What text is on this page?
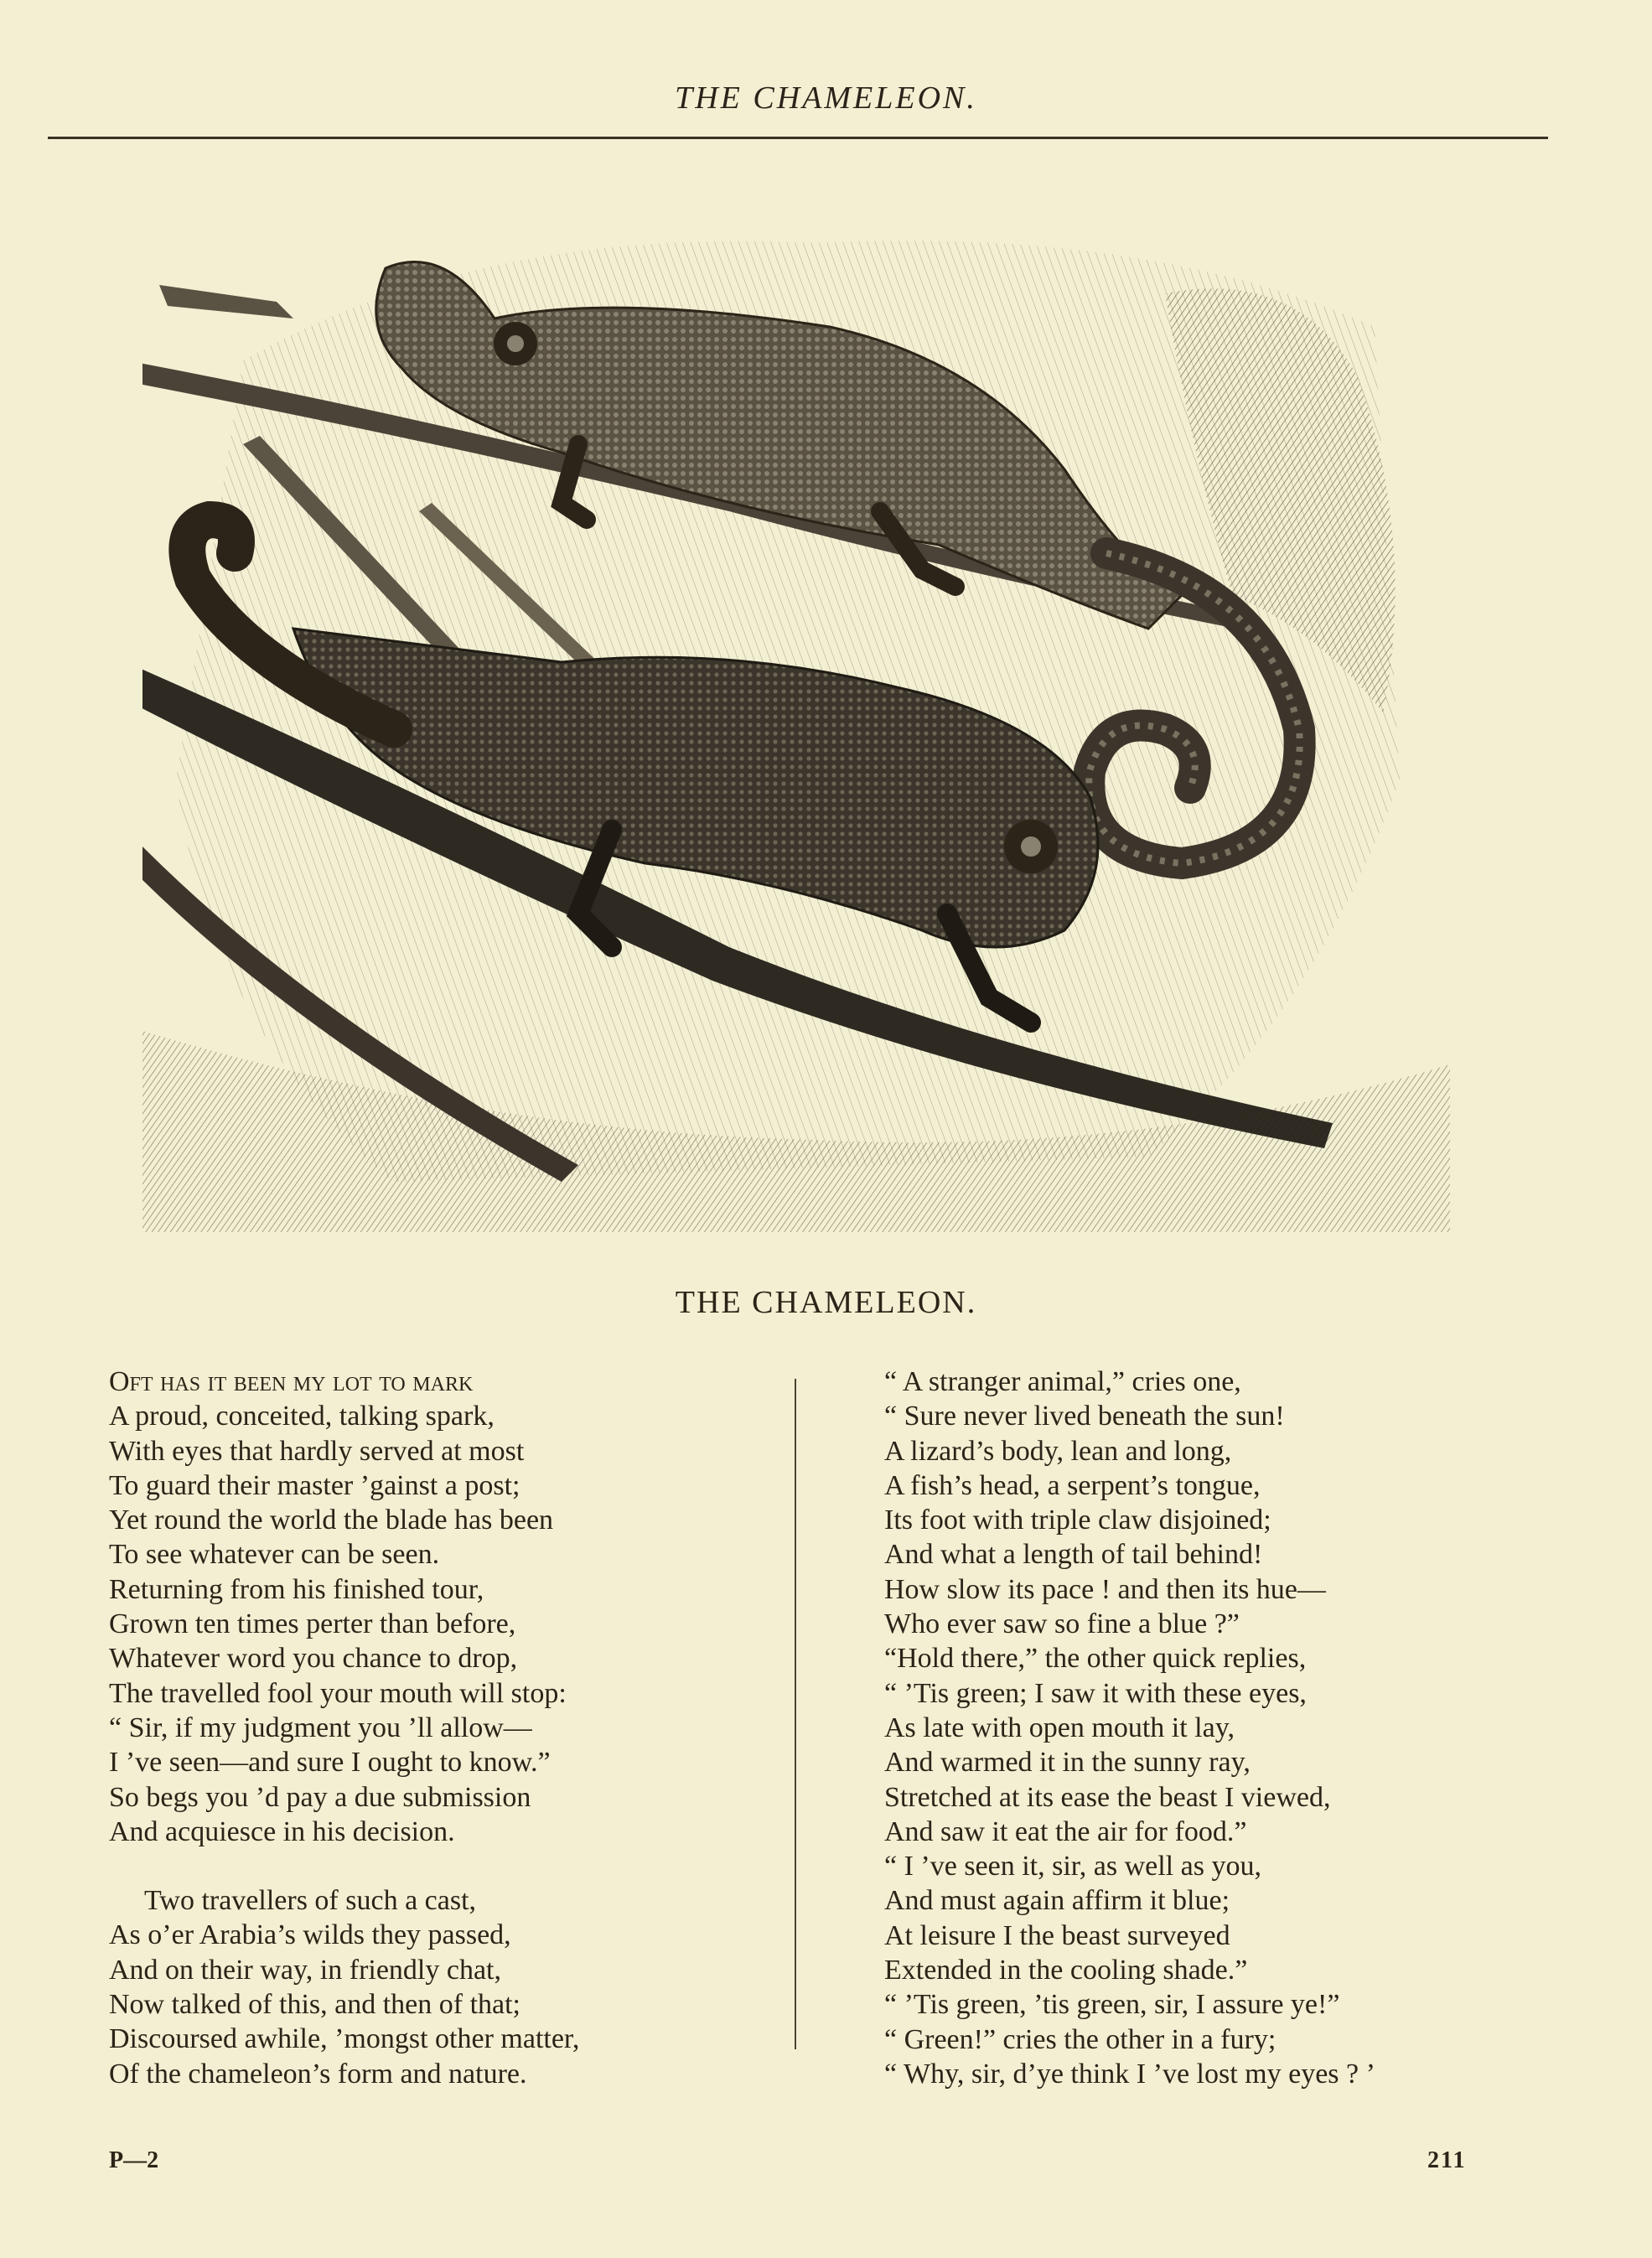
THE CHAMELEON.
THE CHAMELEON.
Oft has it been my lot to mark
A proud, conceited, talking spark,
With eyes that hardly served at most
To guard their master ’gainst a post;
Yet round the world the blade has been
To see whatever can be seen.
Returning from his finished tour,
Grown ten times perter than before,
Whatever word you chance to drop,
The travelled fool your mouth will stop:
“ Sir, if my judgment you ’ll allow—
I ’ve seen—and sure I ought to know.”
So begs you ’d pay a due submission
And acquiesce in his decision.
Two travellers of such a cast,
As o’er Arabia’s wilds they passed,
And on their way, in friendly chat,
Now talked of this, and then of that;
Discoursed awhile, ’mongst other matter,
Of the chameleon’s form and nature.
“ A stranger animal,” cries one,
“ Sure never lived beneath the sun!
A lizard’s body, lean and long,
A fish’s head, a serpent’s tongue,
Its foot with triple claw disjoined;
And what a length of tail behind!
How slow its pace ! and then its hue—
Who ever saw so fine a blue ?”
“Hold there,” the other quick replies,
“ ’Tis green; I saw it with these eyes,
As late with open mouth it lay,
And warmed it in the sunny ray,
Stretched at its ease the beast I viewed,
And saw it eat the air for food.”
“ I ’ve seen it, sir, as well as you,
And must again affirm it blue;
At leisure I the beast surveyed
Extended in the cooling shade.”
“ ’Tis green, ’tis green, sir, I assure ye!”
“ Green!” cries the other in a fury;
“ Why, sir, d’ye think I ’ve lost my eyes ? ’
P—2	211
